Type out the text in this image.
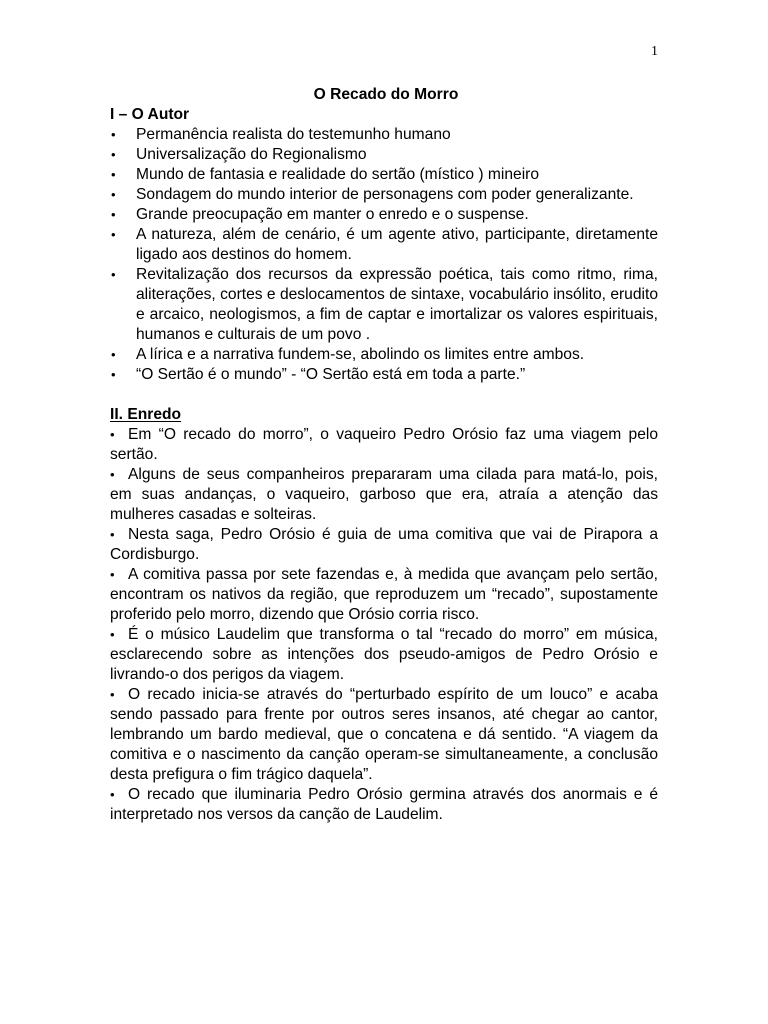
1
O Recado do Morro
I – O Autor
• Permanência realista do testemunho humano
• Universalização do Regionalismo
• Mundo de fantasia e realidade do sertão (místico ) mineiro
• Sondagem do mundo interior de personagens com poder generalizante.
• Grande preocupação em manter o enredo e o suspense.
• A natureza, além de cenário, é um agente ativo, participante, diretamente ligado aos destinos do homem.
• Revitalização dos recursos da expressão poética, tais como ritmo, rima, aliterações, cortes e deslocamentos de sintaxe, vocabulário insólito, erudito e arcaico, neologismos, a fim de captar e imortalizar os valores espirituais, humanos e culturais de um povo .
• A lírica e a narrativa fundem-se, abolindo os limites entre ambos.
• “O Sertão é o mundo” - “O Sertão está em toda a parte.”
II. Enredo

• Em “O recado do morro”, o vaqueiro Pedro Orósio faz uma viagem pelo sertão.

• Alguns de seus companheiros prepararam uma cilada para matá-lo, pois, em suas andanças, o vaqueiro, garboso que era, atraía a atenção das mulheres casadas e solteiras.

• Nesta saga, Pedro Orósio é guia de uma comitiva que vai de Pirapora a Cordisburgo.

• A comitiva passa por sete fazendas e, à medida que avançam pelo sertão, encontram os nativos da região, que reproduzem um “recado”, supostamente proferido pelo morro, dizendo que Orósio corria risco.

• É o músico Laudelim que transforma o tal “recado do morro” em música, esclarecendo sobre as intenções dos pseudo-amigos de Pedro Orósio e livrando-o dos perigos da viagem.

• O recado inicia-se através do “perturbado espírito de um louco” e acaba sendo passado para frente por outros seres insanos, até chegar ao cantor, lembrando um bardo medieval, que o concatena e dá sentido. “A viagem da comitiva e o nascimento da canção operam-se simultaneamente, a conclusão desta prefigura o fim trágico daquela”.

• O recado que iluminaria Pedro Orósio germina através dos anormais e é interpretado nos versos da canção de Laudelim.
